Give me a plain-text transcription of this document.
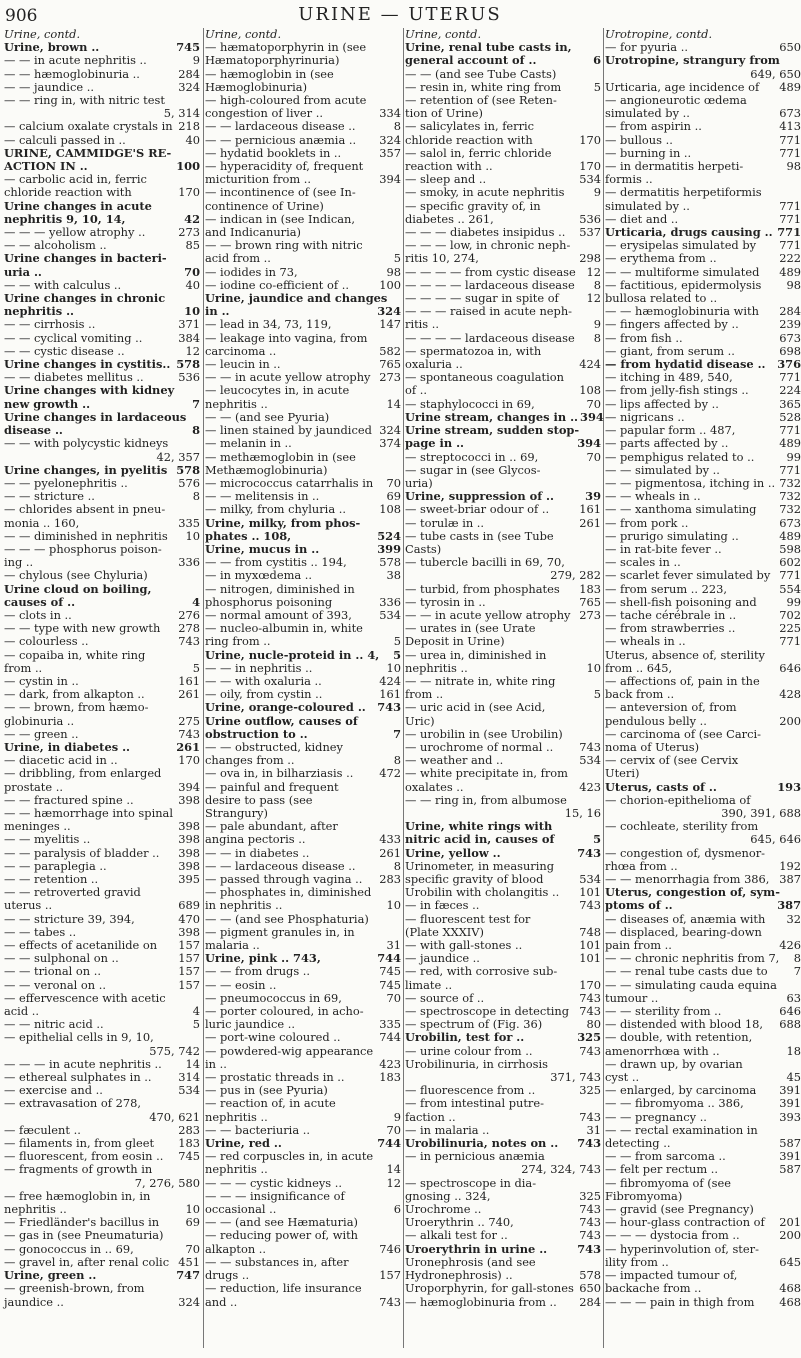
906	URINE — UTERUS
Urine, contd.
Urine, brown ..	745
— — in acute nephritis ..	9
— — hæmoglobinuria ..	284
— — jaundice ..	324
— — ring in, with nitric test
5, 314
— calcium oxalate crystals in 218
— calculi passed in ..	40
URINE, CAMMIDGE'S RE-
ACTION IN ..	100
— carbolic acid in, ferric
chloride reaction with	170
Urine changes in acute
nephritis 9, 10, 14,	42
— — — yellow atrophy ..	273
— — alcoholism ..	85
Urine changes in bacteri-
uria ..	70
— — with calculus ..	40
Urine changes in chronic
nephritis ..	10
— — cirrhosis ..	371
— — cyclical vomiting ..	384
— — cystic disease ..	12
Urine changes in cystitis.. 578
— — diabetes mellitus ..	536
Urine changes with kidney
new growth ..	7
Urine changes in lardaceous
disease ..	8
— — with polycystic kidneys
42, 357
Urine changes, in pyelitis 578
— — pyelonephritis ..	576
— — stricture ..	8
— chlorides absent in pneu-
monia .. 160,	335
— — diminished in nephritis 10
— — — phosphorus poison-
ing ..	336
— chylous (see Chyluria)
Urine cloud on boiling,
causes of ..	4
— clots in ..	276
— — type with new growth 278
— colourless ..	743
— copaiba in, white ring
from ..	5
— cystin in ..	161
— dark, from alkapton ..	261
— — brown, from hæmo-
globinuria ..	275
— — green ..	743
Urine, in diabetes ..	261
— diacetic acid in ..	170
— dribbling, from enlarged
prostate ..	394
— — fractured spine ..	398
— — hæmorrhage into spinal
meninges ..	398
— — myelitis ..	398
— — paralysis of bladder .. 398
— — paraplegia ..	398
— — retention ..	395
— — retroverted gravid
uterus ..	689
— — stricture 39, 394,	470
— — tabes ..	398
— effects of acetanilide on 157
— — sulphonal on ..	157
— — trional on ..	157
— — veronal on ..	157
— effervescence with acetic
acid ..	4
— — nitric acid ..	5
— epithelial cells in 9, 10,
575, 742
— — — in acute nephritis .. 14
— ethereal sulphates in .. 314
— exercise and ..	534
— extravasation of 278,
470, 621
— fæculent ..	283
— filaments in, from gleet 183
— fluorescent, from eosin .. 745
— fragments of growth in
7, 276, 580
— free hæmoglobin in, in
nephritis ..	10
— Friedländer's bacillus in 69
— gas in (see Pneumaturia)
— gonococcus in .. 69,	70
— gravel in, after renal colic 451
Urine, green ..	747
— greenish-brown, from
jaundice ..	324
Urine, contd.
— hæmatoporphyrin in (see
Hæmatoporphyrinuria)
— hæmoglobin in (see
Hæmoglobinuria)
— high-coloured from acute
congestion of liver ..	334
— — lardaceous disease ..	8
— — pernicious anæmia .. 324
— hydatid booklets in ..	357
— hyperacidity of, frequent
micturition from ..	394
— incontinence of (see In-
continence of Urine)
— indican in (see Indican,
and Indicanuria)
— — brown ring with nitric
acid from ..	5
— iodides in 73,	98
— iodine co-efficient of ..	100
Urine, jaundice and changes
in ..	324
— lead in 34, 73, 119,	147
— leakage into vagina, from
carcinoma ..	582
— leucin in ..	765
— — in acute yellow atrophy 273
— leucocytes in, in acute
nephritis ..	14
— — (and see Pyuria)
— linen stained by jaundiced 324
— melanin in ..	374
— methæmoglobin in (see
Methæmoglobinuria)
— micrococcus catarrhalis in 70
— — melitensis in ..	69
— milky, from chyluria ..	108
Urine, milky, from phos-
phates .. 108,	524
Urine, mucus in ..	399
— — from cystitis .. 194,	578
— in myxœdema ..	38
— nitrogen, diminished in
phosphorus poisoning	336
— normal amount of 393, 534
— nucleo-albumin in, white
ring from ..	5
Urine, nucle-proteid in .. 4, 5
— — in nephritis ..	10
— — with oxaluria ..	424
— oily, from cystin ..	161
Urine, orange-coloured .. 743
Urine outflow, causes of
obstruction to ..	7
— — obstructed, kidney
changes from ..	8
— ova in, in bilharziasis .. 472
— painful and frequent
desire to pass (see
Strangury)
— pale abundant, after
angina pectoris ..	433
— — in diabetes ..	261
— — lardaceous disease ..	8
— passed through vagina .. 283
— phosphates in, diminished
in nephritis ..	10
— — (and see Phosphaturia)
— pigment granules in, in
malaria ..	31
Urine, pink .. 743,	744
— — from drugs ..	745
— — eosin ..	745
— pneumococcus in 69,	70
— porter coloured, in acho-
luric jaundice ..	335
— port-wine coloured ..	744
— powdered-wig appearance
in ..	423
— prostatic threads in ..	183
— pus in (see Pyuria)
— reaction of, in acute
nephritis ..	9
— — bacteriuria ..	70
Urine, red ..	744
— red corpuscles in, in acute
nephritis ..	14
— — — cystic kidneys ..	12
— — — insignificance of
occasional ..	6
— — (and see Hæmaturia)
— reducing power of, with
alkapton ..	746
— — substances in, after
drugs ..	157
— reduction, life insurance
and ..	743
Urine, contd.
Urine, renal tube casts in,
general account of ..	6
— — (and see Tube Casts)
— resin in, white ring from	5
— retention of (see Reten-
tion of Urine)
— salicylates in, ferric
chloride reaction with	170
— salol in, ferric chloride
reaction with ..	170
— sleep and ..	534
— smoky, in acute nephritis	9
— specific gravity of, in
diabetes .. 261,	536
— — — diabetes insipidus .. 537
— — — low, in chronic neph-
ritis 10, 274,	298
— — — — from cystic disease 12
— — — — lardaceous disease 8
— — — — sugar in spite of 12
— — — raised in acute neph-
ritis ..	9
— — — — lardaceous disease 8
— spermatozoa in, with
oxaluria ..	424
— spontaneous coagulation
of ..	108
— staphylococci in 69,	70
Urine stream, changes in .. 394
Urine stream, sudden stop-
page in ..	394
— streptococci in .. 69,	70
— sugar in (see Glycos-
uria)
Urine, suppression of ..	39
— sweet-briar odour of ..	161
— torulæ in ..	261
— tube casts in (see Tube
Casts)
— tubercle bacilli in 69, 70,
279, 282
— turbid, from phosphates 183
— tyrosin in ..	765
— — in acute yellow atrophy 273
— urates in (see Urate
Deposit in Urine)
— urea in, diminished in
nephritis ..	10
— — nitrate in, white ring
from ..	5
— uric acid in (see Acid,
Uric)
— urobilin in (see Urobilin)
— urochrome of normal .. 743
— weather and ..	534
— white precipitate in, from
oxalates ..	423
— — ring in, from albumose
15, 16
Urine, white rings with
nitric acid in, causes of	5
Urine, yellow ..	743
Urinometer, in measuring
specific gravity of blood	534
Urobilin with cholangitis .. 101
— in fæces ..	743
— fluorescent test for
(Plate XXXIV)	748
— with gall-stones ..	101
— jaundice ..	101
— red, with corrosive sub-
limate ..	170
— source of ..	743
— spectroscope in detecting 743
— spectrum of (Fig. 36)	80
Urobilin, test for ..	325
— urine colour from ..	743
Urobilinuria, in cirrhosis
371, 743
— fluorescence from ..	325
— from intestinal putre-
faction ..	743
— in malaria ..	31
Urobilinuria, notes on .. 743
— in pernicious anæmia
274, 324, 743
— spectroscope in dia-
gnosing .. 324,	325
Urochrome ..	743
Uroerythrin .. 740,	743
— alkali test for ..	743
Uroerythrin in urine ..	743
Uronephrosis (and see
Hydronephrosis) ..	578
Uroporphyrin, for gall-stones 650
— hæmoglobinuria from .. 284
Urotropine, contd.
— for pyuria ..	650
Urotropine, strangury from
649, 650
Urticaria, age incidence of 489
— angioneurotic œdema
simulated by ..	673
— from aspirin ..	413
— bullous ..	771
— burning in ..	771
— in dermatitis herpeti-	98
formis ..
— dermatitis herpetiformis
simulated by ..	771
— diet and ..	771
Urticaria, drugs causing .. 771
— erysipelas simulated by 771
— erythema from ..	222
— — multiforme simulated 489
— factitious, epidermolysis 98
bullosa related to ..
— — hæmoglobinuria with 284
— fingers affected by ..	239
— from fish ..	673
— giant, from serum ..	698
— from hydatid disease .. 376
— itching in 489, 540,	771
— from jelly-fish stings ..	224
— lips affected by ..	365
— nigricans ..	528
— papular form .. 487,	771
— parts affected by ..	489
— pemphigus related to ..	99
— — simulated by ..	771
— — pigmentosa, itching in .. 732
— — wheals in ..	732
— — xanthoma simulating 732
— from pork ..	673
— prurigo simulating ..	489
— in rat-bite fever ..	598
— scales in ..	602
— scarlet fever simulated by 771
— from serum .. 223,	554
— shell-fish poisoning and	99
— tache cérébrale in ..	702
— from strawberries ..	225
— wheals in ..	771
Uterus, absence of, sterility
from .. 645,	646
— affections of, pain in the
back from ..	428
— anteversion of, from
pendulous belly ..	200
— carcinoma of (see Carci-
noma of Uterus)
— cervix of (see Cervix
Uteri)
Uterus, casts of ..	193
— chorion-epithelioma of
390, 391, 688
— cochleate, sterility from
645, 646
— congestion of, dysmenor-
rhœa from ..	192
— — menorrhagia from 386, 387
Uterus, congestion of, sym-
ptoms of ..	387
— diseases of, anæmia with 32
— displaced, bearing-down
pain from ..	426
— — chronic nephritis from 7, 8
— — renal tube casts due to 7
— — simulating cauda equina
tumour ..	63
— — sterility from ..	646
— distended with blood 18, 688
— double, with retention,
amenorrhœa with ..	18
— drawn up, by ovarian
cyst ..	45
— enlarged, by carcinoma 391
— — fibromyoma .. 386,	391
— — pregnancy ..	393
— — rectal examination in
detecting ..	587
— — from sarcoma ..	391
— felt per rectum ..	587
— fibromyoma of (see
Fibromyoma)
— gravid (see Pregnancy)
— hour-glass contraction of 201
— — — dystocia from ..	200
— hyperinvolution of, ster-
ility from ..	645
— impacted tumour of,
backache from ..	468
— — — pain in thigh from 468
